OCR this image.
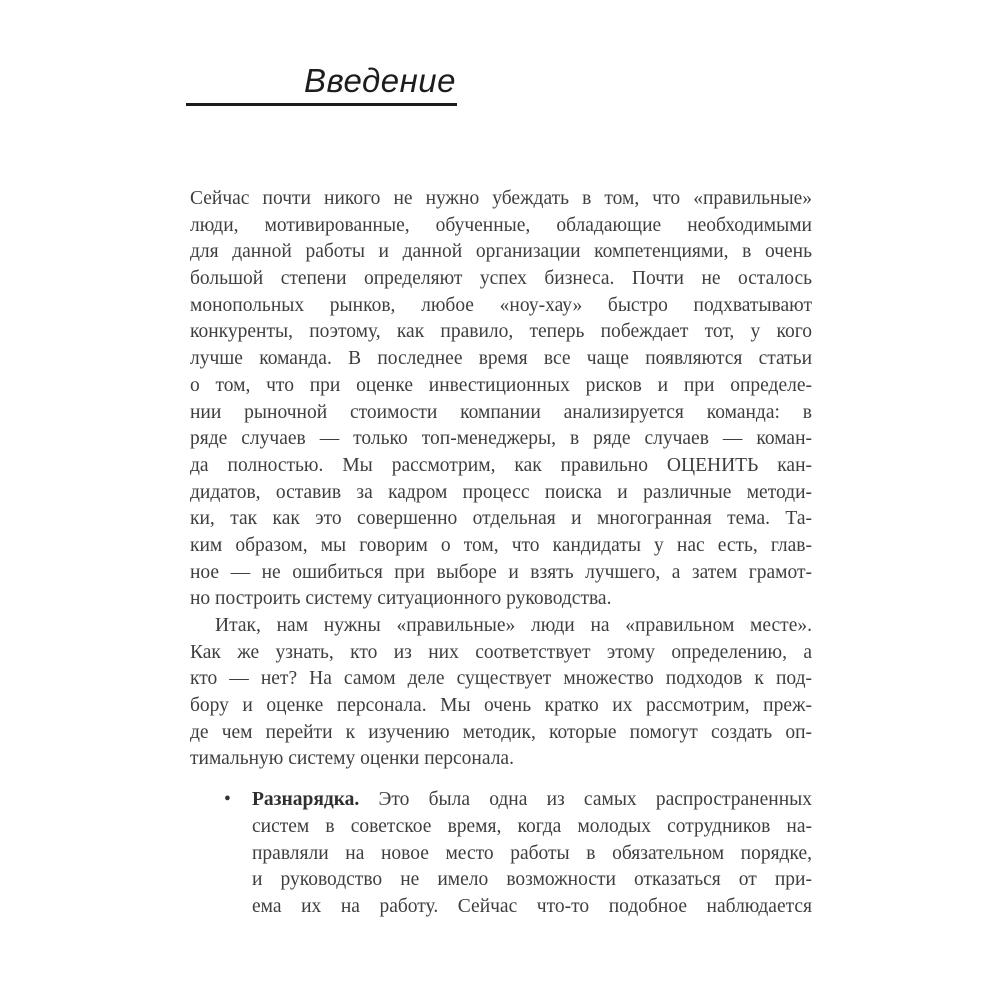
Введение
Сейчас почти никого не нужно убеждать в том, что «правильные»
люди, мотивированные, обученные, обладающие необходимыми
для данной работы и данной организации компетенциями, в очень
большой степени определяют успех бизнеса. Почти не осталось
монопольных рынков, любое «ноу-хау» быстро подхватывают
конкуренты, поэтому, как правило, теперь побеждает тот, у кого
лучше команда. В последнее время все чаще появляются статьи
о том, что при оценке инвестиционных рисков и при определе-
нии рыночной стоимости компании анализируется команда: в
ряде случаев — только топ-менеджеры, в ряде случаев — коман-
да полностью. Мы рассмотрим, как правильно ОЦЕНИТЬ кан-
дидатов, оставив за кадром процесс поиска и различные методи-
ки, так как это совершенно отдельная и многогранная тема. Та-
ким образом, мы говорим о том, что кандидаты у нас есть, глав-
ное — не ошибиться при выборе и взять лучшего, а затем грамот-
но построить систему ситуационного руководства.
Итак, нам нужны «правильные» люди на «правильном месте».
Как же узнать, кто из них соответствует этому определению, а
кто — нет? На самом деле существует множество подходов к под-
бору и оценке персонала. Мы очень кратко их рассмотрим, преж-
де чем перейти к изучению методик, которые помогут создать оп-
тимальную систему оценки персонала.
• Разнарядка. Это была одна из самых распространенных
систем в советское время, когда молодых сотрудников на-
правляли на новое место работы в обязательном порядке,
и руководство не имело возможности отказаться от при-
ема их на работу. Сейчас что-то подобное наблюдается
